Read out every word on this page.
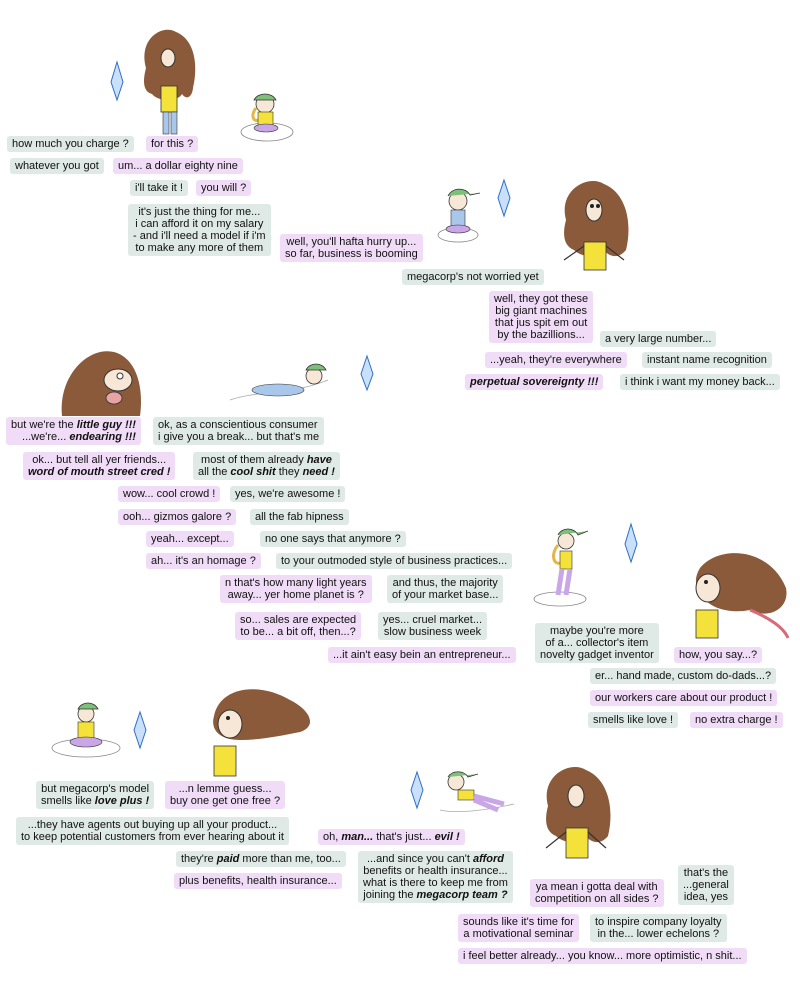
how much you charge ?	for this ?
whatever you got	um... a dollar eighty nine
i'll take it !	you will ?
it's just the thing for me...
i can afford it on my salary
- and i'll need a model if i'm
to make any more of them well, you'll hafta hurry up...
so far, business is booming
megacorp's not worried yet
well, they got these
big giant machines
that jus spit em out
by the bazillions...	a very large number...
...yeah, they're everywhere	instant name recognition
perpetual sovereignty !!!	i think i want my money back...
but we're the little guy !!!
...we're... endearing !!!
ok, as a conscientious consumer
i give you a break... but that's me
ok... but tell all yer friends...
word of mouth street cred !
most of them already have
all the cool shit they need !
wow... cool crowd !	yes, we're awesome !
ooh... gizmos galore ?	all the fab hipness
yeah... except...	no one says that anymore ?
ah... it's an homage ?	to your outmoded style of business practices...
n that's how many light years
away... yer home planet is ?
and thus, the majority
of your market base...
so... sales are expected
to be... a bit off, then...?
yes... cruel market...
slow business week
...it ain't easy bein an entrepreneur...
maybe you're more
of a... collector's item
novelty gadget inventor	how, you say...?
er... hand made, custom do-dads...?
our workers care about our product !
smells like love !	no extra charge !
but megacorp's model
smells like love plus !
...n lemme guess...
buy one get one free ?
...they have agents out buying up all your product...
to keep potential customers from ever hearing about it	oh, man... that's just... evil !
they're paid more than me, too...
plus benefits, health insurance...
...and since you can't afford
benefits or health insurance...
what is there to keep me from
joining the megacorp team ?
ya mean i gotta deal with
competition on all sides ?
that's the
...general
idea, yes
sounds like it's time for
a motivational seminar
to inspire company loyalty
in the... lower echelons ?
i feel better already... you know... more optimistic, n shit...
